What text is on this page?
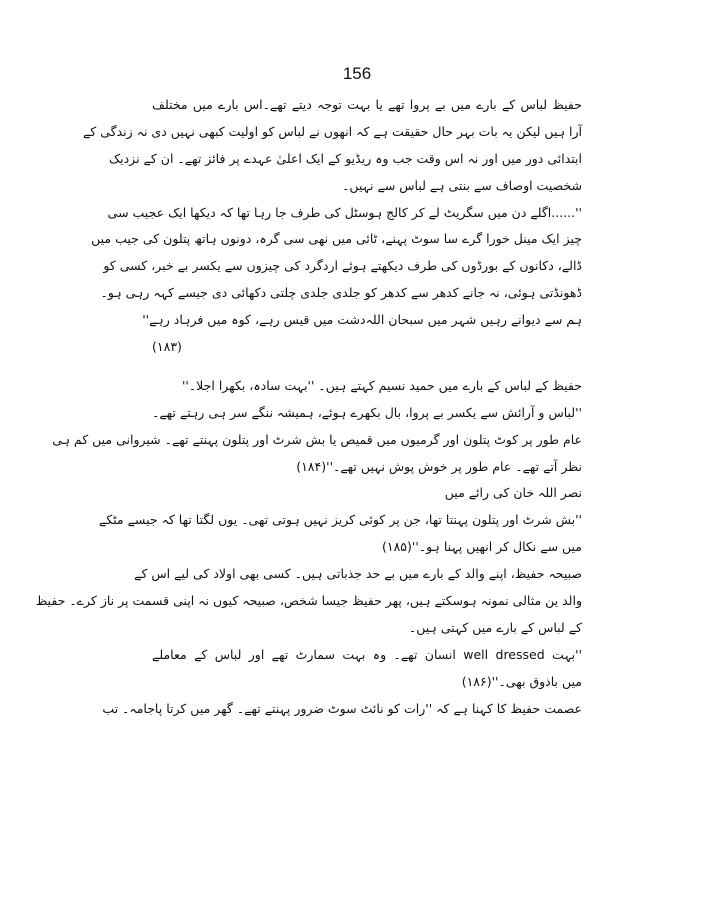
156
حفیظ لباس کے بارے میں بے پروا تھے یا بہت توجہ دیتے تھے۔اس بارے میں مختلف
آرا ہیں لیکن یہ بات بہر حال حقیقت ہے کہ انھوں نے لباس کو اولیت کبھی نہیں دی نہ زندگی کے
ابتدائی دور میں اور نہ اس وقت جب وہ ریڈیو کے ایک اعلیٰ عہدے پر فائز تھے۔ ان کے نزدیک
شخصیت اوصاف سے بنتی ہے لباس سے نہیں۔
''......اگلے دن میں سگریٹ لے کر کالج ہوسٹل کی طرف جا رہا تھا کہ دیکھا ایک عجیب سی
چیز ایک مینل خورا گرے سا سوٹ پہنے، ٹائی میں نھی سی گرہ، دونوں ہاتھ پتلون کی جیب میں
ڈالے، دکانوں کے بورڈوں کی طرف دیکھتے ہوئے اردگرد کی چیزوں سے یکسر بے خبر، کسی کو
ڈھونڈتی ہوئی، نہ جانے کدھر سے کدھر کو جلدی جلدی چلتی دکھائی دی جیسے کہہ رہی ہو۔
ہم سے دیوانے رہیں شہر میں سبحان اللہ
دشت میں قیس رہے، کوہ میں فرہاد رہے''
(۱۸۳)
حفیظ کے لباس کے بارے میں حمید نسیم کہتے ہیں۔ ''بہت سادہ، بکھرا اجلا۔''
''لباس و آرائش سے یکسر بے پروا، بال بکھرے ہوئے، ہمیشہ ننگے سر ہی رہتے تھے۔
عام طور پر کوٹ پتلون اور گرمیوں میں قمیص یا بش شرٹ اور پتلون پہنتے تھے۔ شیروانی میں کم ہی
نظر آتے تھے۔ عام طور پر خوش پوش نہیں تھے۔''(۱۸۴)
نصر اللہ خان کی رائے میں
''بش شرٹ اور پتلون پہنتا تھا، جن پر کوئی کریز نہیں ہوتی تھی۔ یوں لگتا تھا کہ جیسے مٹکے
میں سے نکال کر انھیں پہنا ہو۔''(۱۸۵)
صبیحہ حفیظ، اپنے والد کے بارے میں بے حد جذباتی ہیں۔ کسی بھی اولاد کی لیے اس کے
والد ین مثالی نمونہ ہوسکتے ہیں، پھر حفیظ جیسا شخص، صبیحہ کیوں نہ اپنی قسمت پر ناز کرے۔ حفیظ
کے لباس کے بارے میں کہتی ہیں۔
''بہت well dressed انسان تھے۔ وہ بہت سمارٹ تھے اور لباس کے معاملے
میں باذوق بھی۔''(۱۸۶)
عصمت حفیظ کا کہنا ہے کہ ''رات کو نائٹ سوٹ ضرور پہنتے تھے۔ گھر میں کرتا پاجامہ۔ تب
